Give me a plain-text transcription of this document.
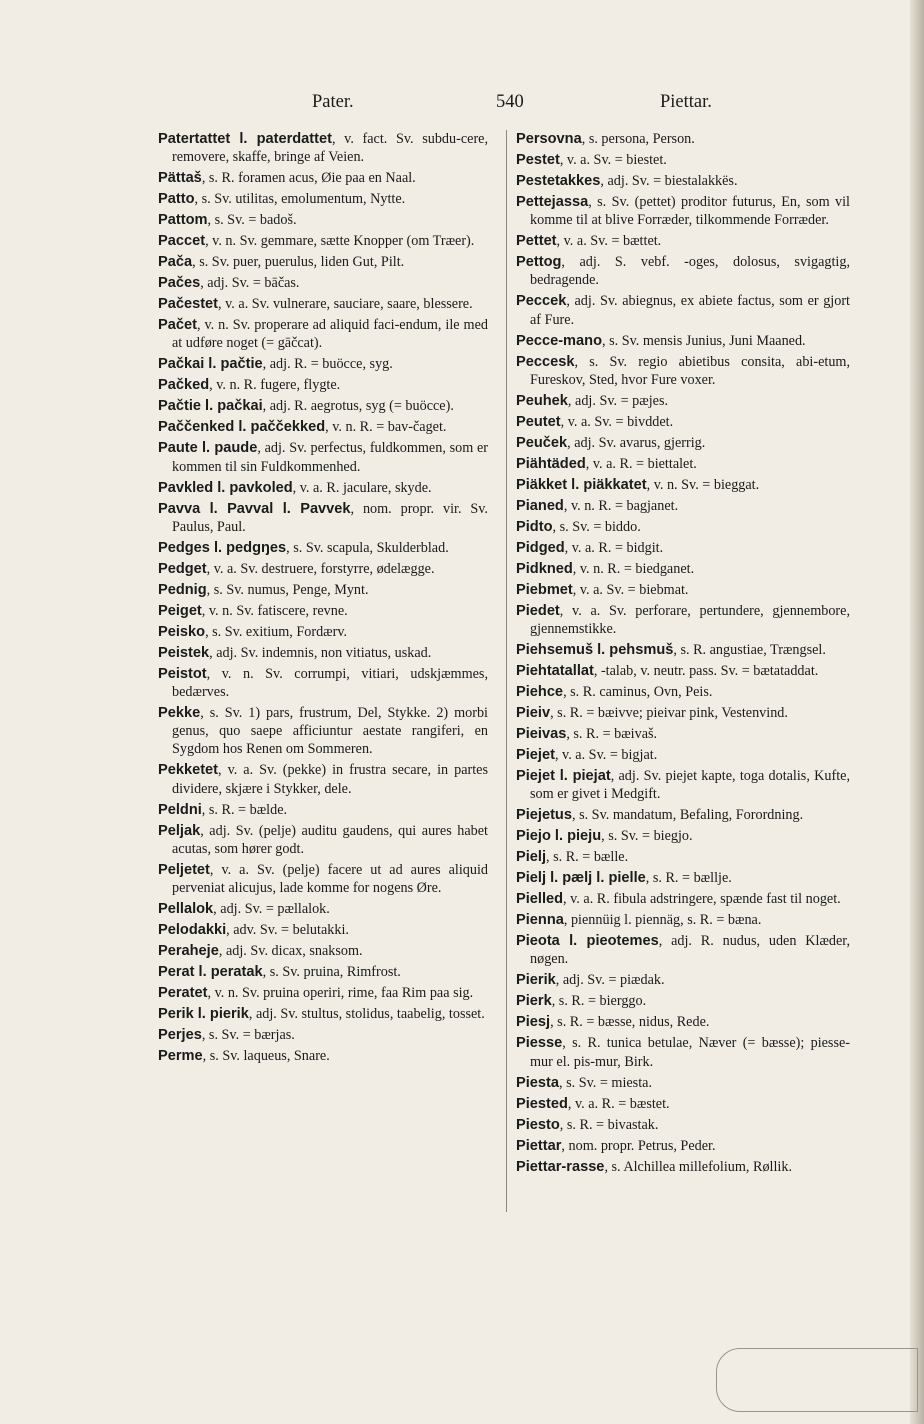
Pater.	540	Piettar.

Patertattet l. paterdattet, v. fact. Sv. subdu-cere, removere, skaffe, bringe af Veien.

Pättaš, s. R. foramen acus, Øie paa en Naal.

Patto, s. Sv. utilitas, emolumentum, Nytte.

Pattom, s. Sv. = badoš.

Paccet, v. n. Sv. gemmare, sætte Knopper (om Træer).

Pača, s. Sv. puer, puerulus, liden Gut, Pilt.

Pačes, adj. Sv. = bāčas.

Pačestet, v. a. Sv. vulnerare, sauciare, saare, blessere.

Pačet, v. n. Sv. properare ad aliquid faci-endum, ile med at udføre noget (= gāčcat).

Pačkai l. pačtie, adj. R. = buöcce, syg.

Pačked, v. n. R. fugere, flygte.

Pačtie l. pačkai, adj. R. aegrotus, syg (= buöcce).

Paččenked l. paččekked, v. n. R. = bav-čaget.

Paute l. paude, adj. Sv. perfectus, fuldkommen, som er kommen til sin Fuldkommenhed.

Pavkled l. pavkoled, v. a. R. jaculare, skyde.

Pavva l. Pavval l. Pavvek, nom. propr. vir. Sv. Paulus, Paul.

Pedges l. pedgŋes, s. Sv. scapula, Skulderblad.

Pedget, v. a. Sv. destruere, forstyrre, ødelægge.

Pednig, s. Sv. numus, Penge, Mynt.

Peiget, v. n. Sv. fatiscere, revne.

Peisko, s. Sv. exitium, Fordærv.

Peistek, adj. Sv. indemnis, non vitiatus, uskad.

Peistot, v. n. Sv. corrumpi, vitiari, udskjæmmes, bedærves.

Pekke, s. Sv. 1) pars, frustrum, Del, Stykke. 2) morbi genus, quo saepe afficiuntur aestate rangiferi, en Sygdom hos Renen om Sommeren.

Pekketet, v. a. Sv. (pekke) in frustra secare, in partes dividere, skjære i Stykker, dele.

Peldni, s. R. = bælde.

Peljak, adj. Sv. (pelje) auditu gaudens, qui aures habet acutas, som hører godt.

Peljetet, v. a. Sv. (pelje) facere ut ad aures aliquid perveniat alicujus, lade komme for nogens Øre.

Pellalok, adj. Sv. = pællalok.

Pelodakki, adv. Sv. = belutakki.

Peraheje, adj. Sv. dicax, snaksom.

Perat l. peratak, s. Sv. pruina, Rimfrost.

Peratet, v. n. Sv. pruina operiri, rime, faa Rim paa sig.

Perik l. pierik, adj. Sv. stultus, stolidus, taabelig, tosset.

Perjes, s. Sv. = bærjas.

Perme, s. Sv. laqueus, Snare.

Persovna, s. persona, Person.

Pestet, v. a. Sv. = biestet.

Pestetakkes, adj. Sv. = biestalakkës.

Pettejassa, s. Sv. (pettet) proditor futurus, En, som vil komme til at blive Forræder, tilkommende Forræder.

Pettet, v. a. Sv. = bættet.

Pettog, adj. S. vebf. -oges, dolosus, svigagtig, bedragende.

Peccek, adj. Sv. abiegnus, ex abiete factus, som er gjort af Fure.

Pecce-mano, s. Sv. mensis Junius, Juni Maaned.

Peccesk, s. Sv. regio abietibus consita, abi-etum, Fureskov, Sted, hvor Fure voxer.

Peuhek, adj. Sv. = pæjes.

Peutet, v. a. Sv. = bivddet.

Peuček, adj. Sv. avarus, gjerrig.

Piähtäded, v. a. R. = biettalet.

Piäkket l. piäkkatet, v. n. Sv. = bieggat.

Pianed, v. n. R. = bagjanet.

Pidto, s. Sv. = biddo.

Pidged, v. a. R. = bidgit.

Pidkned, v. n. R. = biedganet.

Piebmet, v. a. Sv. = biebmat.

Piedet, v. a. Sv. perforare, pertundere, gjennembore, gjennemstikke.

Piehsemuš l. pehsmuš, s. R. angustiae, Trængsel.

Piehtatallat, -talab, v. neutr. pass. Sv. = bætataddat.

Piehce, s. R. caminus, Ovn, Peis.

Pieiv, s. R. = bæivve; pieivar pink, Vestenvind.

Pieivas, s. R. = bæivaš.

Piejet, v. a. Sv. = bigjat.

Piejet l. piejat, adj. Sv. piejet kapte, toga dotalis, Kufte, som er givet i Medgift.

Piejetus, s. Sv. mandatum, Befaling, Forordning.

Piejo l. pieju, s. Sv. = biegjo.

Pielj, s. R. = bælle.

Pielj l. pælj l. pielle, s. R. = bællje.

Pielled, v. a. R. fibula adstringere, spænde fast til noget.

Pienna, piennüig l. piennäg, s. R. = bæna.

Pieota l. pieotemes, adj. R. nudus, uden Klæder, nøgen.

Pierik, adj. Sv. = piædak.

Pierk, s. R. = bierggo.

Piesj, s. R. = bæsse, nidus, Rede.

Piesse, s. R. tunica betulae, Næver (= bæsse); piesse-mur el. pis-mur, Birk.

Piesta, s. Sv. = miesta.

Piested, v. a. R. = bæstet.

Piesto, s. R. = bivastak.

Piettar, nom. propr. Petrus, Peder.

Piettar-rasse, s. Alchillea millefolium, Røllik.
